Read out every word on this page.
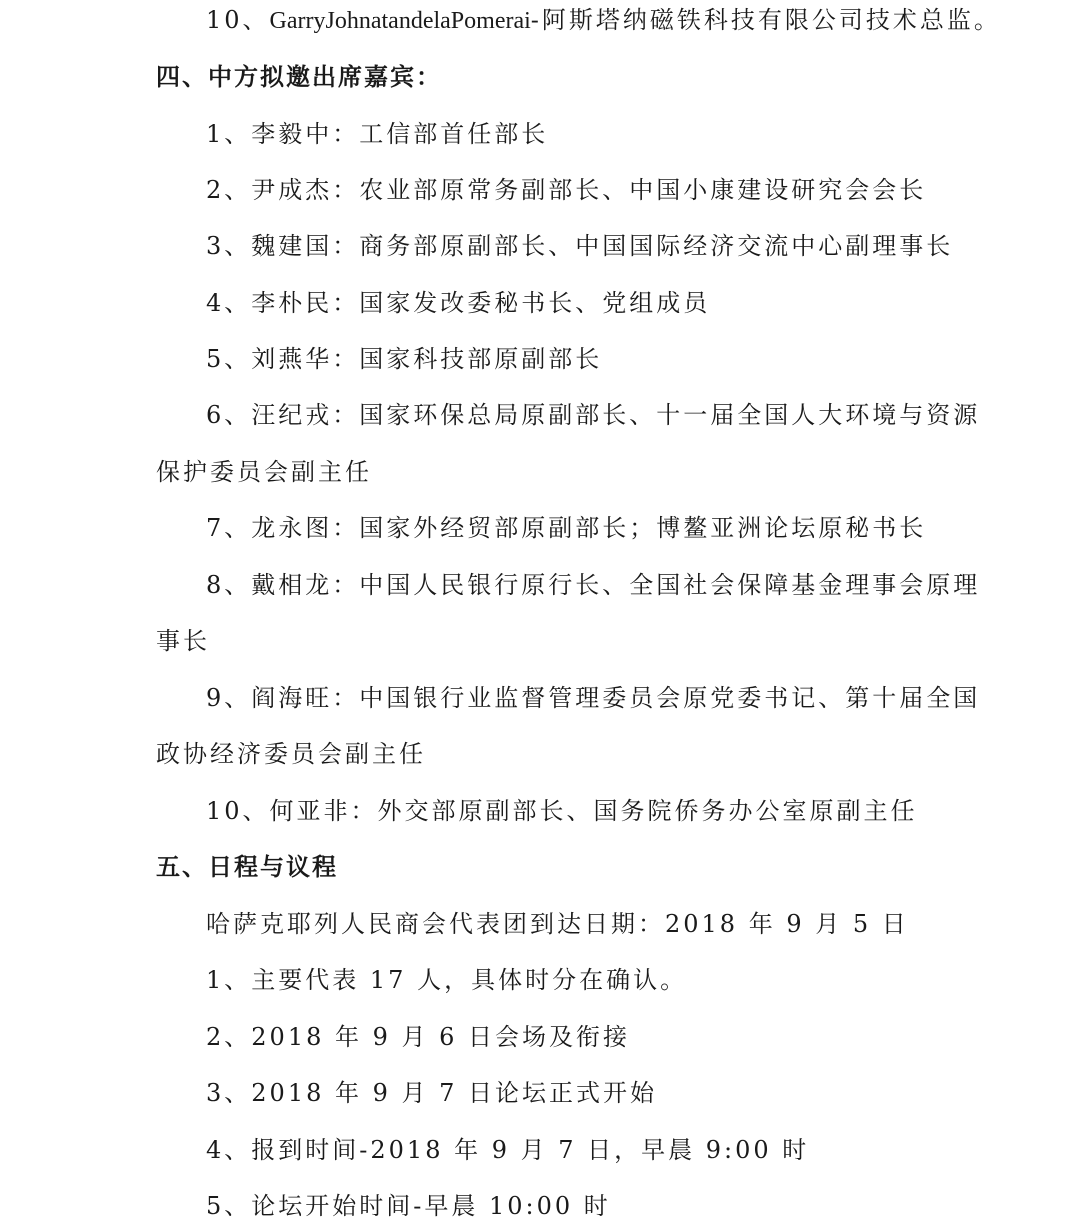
10、GarryJohnatandelaPomerai-阿斯塔纳磁铁科技有限公司技术总监。
四、中方拟邀出席嘉宾：
1、李毅中：工信部首任部长
2、尹成杰：农业部原常务副部长、中国小康建设研究会会长
3、魏建国：商务部原副部长、中国国际经济交流中心副理事长
4、李朴民：国家发改委秘书长、党组成员
5、刘燕华：国家科技部原副部长
6、汪纪戎：国家环保总局原副部长、十一届全国人大环境与资源
保护委员会副主任
7、龙永图：国家外经贸部原副部长；博鳌亚洲论坛原秘书长
8、戴相龙：中国人民银行原行长、全国社会保障基金理事会原理
事长
9、阎海旺：中国银行业监督管理委员会原党委书记、第十届全国
政协经济委员会副主任
10、何亚非：外交部原副部长、国务院侨务办公室原副主任
五、日程与议程
哈萨克耶列人民商会代表团到达日期：2018 年 9 月 5 日
1、主要代表 17 人，具体时分在确认。
2、2018 年 9 月 6 日会场及衔接
3、2018 年 9 月 7 日论坛正式开始
4、报到时间-2018 年 9 月 7 日，早晨 9:00 时
5、论坛开始时间-早晨 10:00 时
